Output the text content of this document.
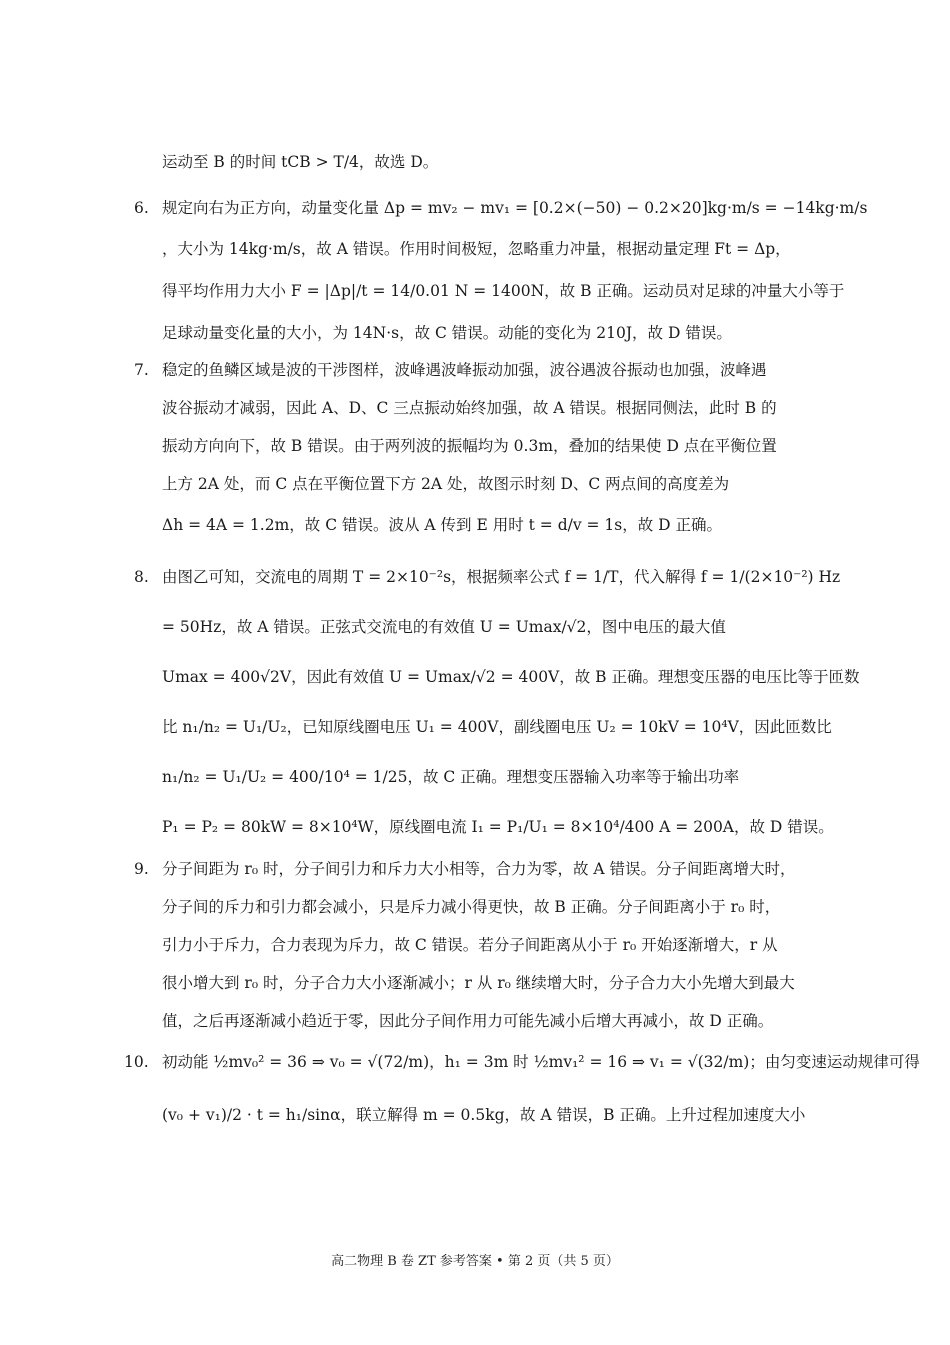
运动至 B 的时间 tCB > T/4，故选 D。
6. 规定向右为正方向，动量变化量 Δp = mv₂ − mv₁ = [0.2×(−50) − 0.2×20]kg·m/s = −14kg·m/s
，大小为 14kg·m/s，故 A 错误。作用时间极短，忽略重力冲量，根据动量定理 Ft = Δp，
得平均作用力大小 F = |Δp|/t = 14/0.01 N = 1400N，故 B 正确。运动员对足球的冲量大小等于
足球动量变化量的大小，为 14N·s，故 C 错误。动能的变化为 210J，故 D 错误。
7. 稳定的鱼鳞区域是波的干涉图样，波峰遇波峰振动加强，波谷遇波谷振动也加强，波峰遇
波谷振动才减弱，因此 A、D、C 三点振动始终加强，故 A 错误。根据同侧法，此时 B 的
振动方向向下，故 B 错误。由于两列波的振幅均为 0.3m，叠加的结果使 D 点在平衡位置
上方 2A 处，而 C 点在平衡位置下方 2A 处，故图示时刻 D、C 两点间的高度差为
Δh = 4A = 1.2m，故 C 错误。波从 A 传到 E 用时 t = d/v = 1s，故 D 正确。
8. 由图乙可知，交流电的周期 T = 2×10⁻²s，根据频率公式 f = 1/T，代入解得 f = 1/(2×10⁻²) Hz
= 50Hz，故 A 错误。正弦式交流电的有效值 U = Umax/√2，图中电压的最大值
Umax = 400√2V，因此有效值 U = Umax/√2 = 400V，故 B 正确。理想变压器的电压比等于匝数
比 n₁/n₂ = U₁/U₂，已知原线圈电压 U₁ = 400V，副线圈电压 U₂ = 10kV = 10⁴V，因此匝数比
n₁/n₂ = U₁/U₂ = 400/10⁴ = 1/25，故 C 正确。理想变压器输入功率等于输出功率
P₁ = P₂ = 80kW = 8×10⁴W，原线圈电流 I₁ = P₁/U₁ = 8×10⁴/400 A = 200A，故 D 错误。
9. 分子间距为 r₀ 时，分子间引力和斥力大小相等，合力为零，故 A 错误。分子间距离增大时，
分子间的斥力和引力都会减小，只是斥力减小得更快，故 B 正确。分子间距离小于 r₀ 时，
引力小于斥力，合力表现为斥力，故 C 错误。若分子间距离从小于 r₀ 开始逐渐增大，r 从
很小增大到 r₀ 时，分子合力大小逐渐减小；r 从 r₀ 继续增大时，分子合力大小先增大到最大
值，之后再逐渐减小趋近于零，因此分子间作用力可能先减小后增大再减小，故 D 正确。
10. 初动能 ½mv₀² = 36 ⇒ v₀ = √(72/m)，h₁ = 3m 时 ½mv₁² = 16 ⇒ v₁ = √(32/m)；由匀变速运动规律可得
(v₀ + v₁)/2 · t = h₁/sinα，联立解得 m = 0.5kg，故 A 错误，B 正确。上升过程加速度大小
高二物理 B 卷 ZT 参考答案 • 第 2 页（共 5 页）
